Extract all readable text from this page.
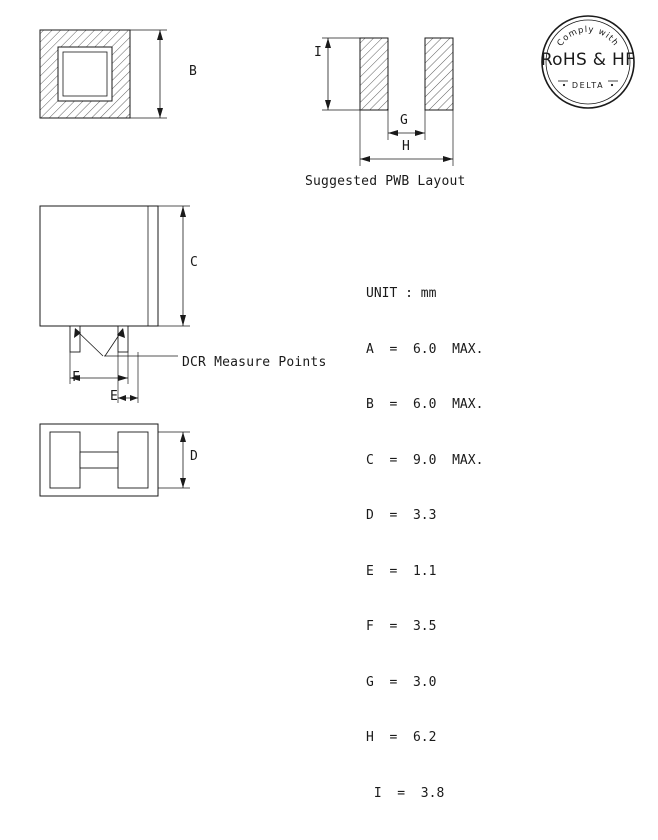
B
I
G
H
Suggested PWB Layout
C
DCR Measure Points
F
E
D

UNIT : mm

A  =  6.0  MAX.

B  =  6.0  MAX.

C  =  9.0  MAX.

D  =  3.3

E  =  1.1

F  =  3.5

G  =  3.0

H  =  6.2

I  =  3.8

Comply with
RoHS & HF
DELTA
